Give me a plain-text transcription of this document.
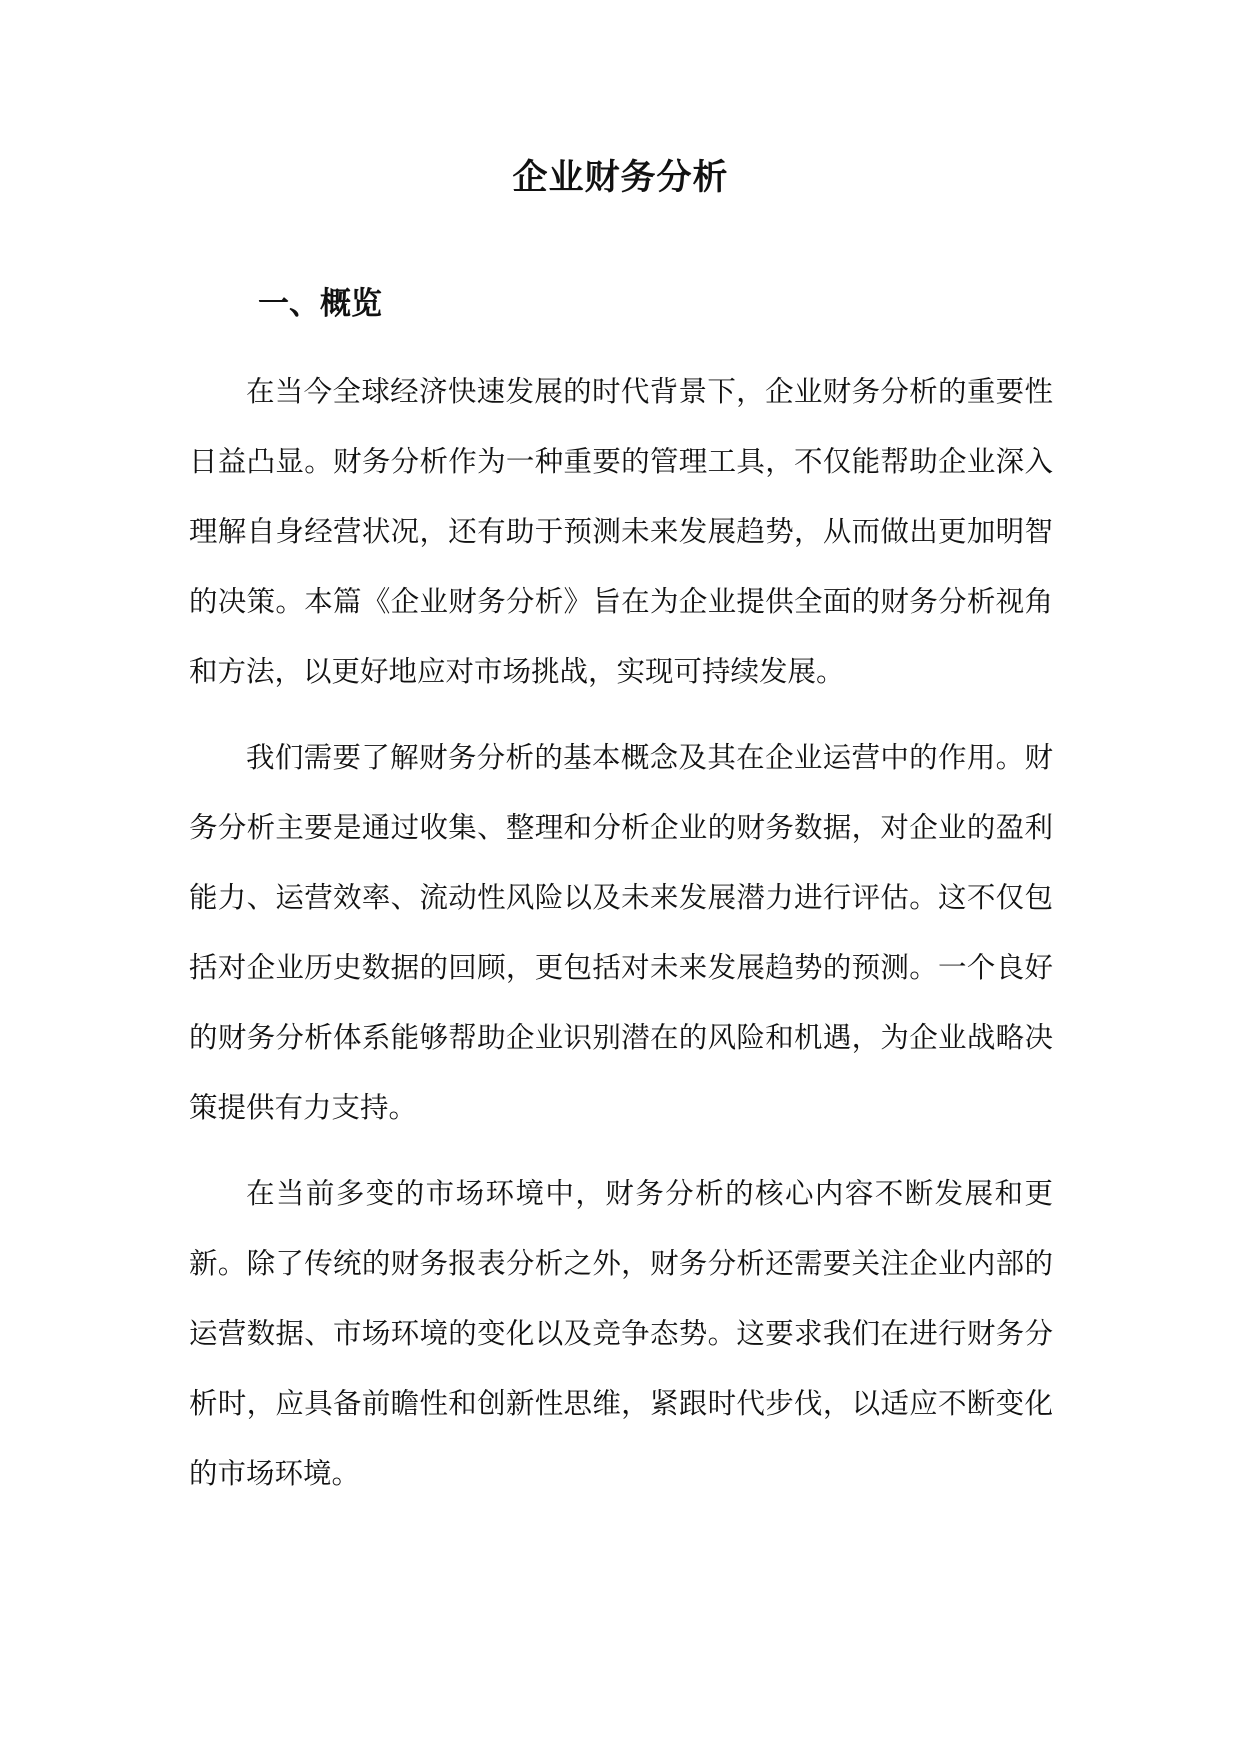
企业财务分析
一、概览

在当今全球经济快速发展的时代背景下，企业财务分析的重要性日益凸显。财务分析作为一种重要的管理工具，不仅能帮助企业深入理解自身经营状况，还有助于预测未来发展趋势，从而做出更加明智的决策。本篇《企业财务分析》旨在为企业提供全面的财务分析视角和方法，以更好地应对市场挑战，实现可持续发展。

我们需要了解财务分析的基本概念及其在企业运营中的作用。财务分析主要是通过收集、整理和分析企业的财务数据，对企业的盈利能力、运营效率、流动性风险以及未来发展潜力进行评估。这不仅包括对企业历史数据的回顾，更包括对未来发展趋势的预测。一个良好的财务分析体系能够帮助企业识别潜在的风险和机遇，为企业战略决策提供有力支持。

在当前多变的市场环境中，财务分析的核心内容不断发展和更新。除了传统的财务报表分析之外，财务分析还需要关注企业内部的运营数据、市场环境的变化以及竞争态势。这要求我们在进行财务分析时，应具备前瞻性和创新性思维，紧跟时代步伐，以适应不断变化的市场环境。
